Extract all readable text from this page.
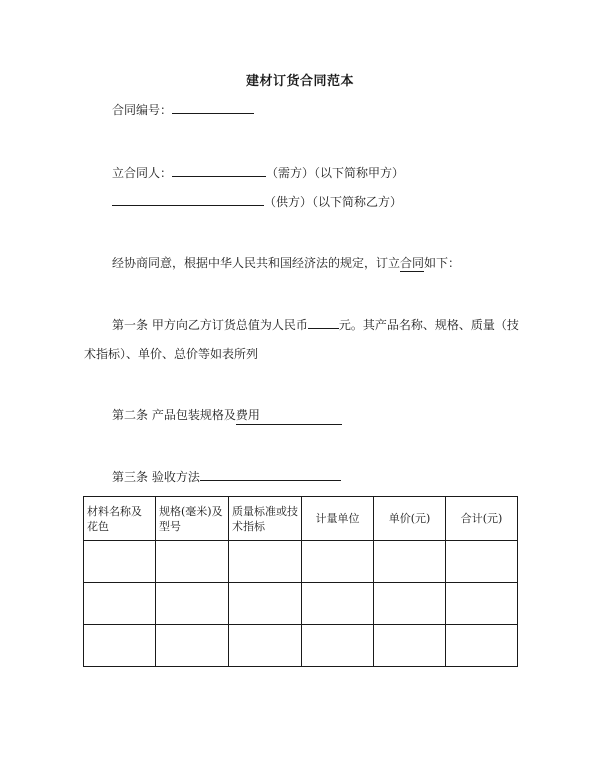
建材订货合同范本
合同编号：
立合同人：	（需方）（以下简称甲方）
（供方）（以下简称乙方）
经协商同意，根据中华人民共和国经济法的规定，订立合同如下：
第一条 甲方向乙方订货总值为人民币	元。其产品名称、规格、质量（技
术指标）、单价、总价等如表所列
第二条 产品包装规格及费用
第三条 验收方法
材料名称及花色	规格(毫米)及型号	质量标准或技术指标	计量单位	单价(元)	合计(元)
